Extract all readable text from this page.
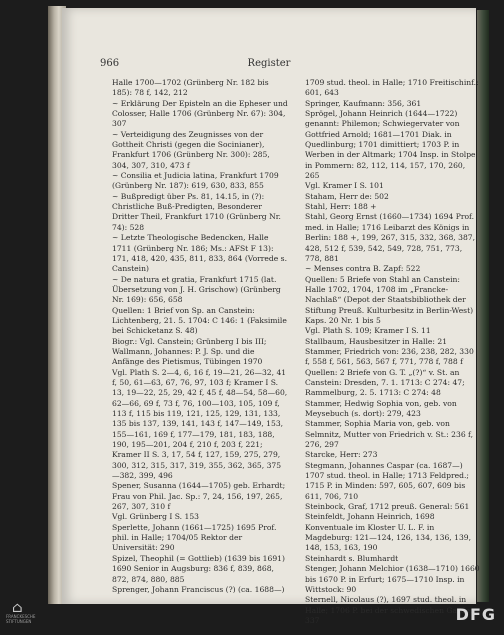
966	Register

Halle 1700—1702 (Grünberg Nr. 182 bis 185): 78 f, 142, 212

~ Erklärung Der Episteln an die Epheser und Colosser, Halle 1706 (Grünberg Nr. 67): 304, 307

~ Verteidigung des Zeugnisses von der Gottheit Christi (gegen die Socinianer), Frankfurt 1706 (Grünberg Nr. 300): 285, 304, 307, 310, 473 f

~ Consilia et Judicia latina, Frankfurt 1709 (Grünberg Nr. 187): 619, 630, 833, 855

~ Bußpredigt über Ps. 81, 14.15, in (?): Christliche Buß-Predigten, Besonderer Dritter Theil, Frankfurt 1710 (Grünberg Nr. 74): 528

~ Letzte Theologische Bedencken, Halle 1711 (Grünberg Nr. 186; Ms.: AFSt F 13): 171, 418, 420, 435, 811, 833, 864 (Vorrede s. Canstein)

~ De natura et gratia, Frankfurt 1715 (lat. Übersetzung von J. H. Grischow) (Grünberg Nr. 169): 656, 658

Quellen: 1 Brief von Sp. an Canstein: Lichtenberg, 21. 5. 1704: C 146: 1 (Faksimile bei Schicketanz S. 48)

Biogr.: Vgl. Canstein; Grünberg I bis III; Wallmann, Johannes: P. J. Sp. und die Anfänge des Pietismus, Tübingen 1970

Vgl. Plath S. 2—4, 6, 16 f, 19—21, 26—32, 41 f, 50, 61—63, 67, 76, 97, 103 f; Kramer I S. 13, 19—22, 25, 29, 42 f, 45 f, 48—54, 58—60, 62—66, 69 f, 73 f, 76, 100—103, 105, 109 f, 113 f, 115 bis 119, 121, 125, 129, 131, 133, 135 bis 137, 139, 141, 143 f, 147—149, 153, 155—161, 169 f, 177—179, 181, 183, 188, 190, 195—201, 204 f, 210 f, 203 f, 221; Kramer II S. 3, 17, 54 f, 127, 159, 275, 279, 300, 312, 315, 317, 319, 355, 362, 365, 375—382, 399, 496

Spener, Susanna (1644—1705) geb. Erhardt; Frau von Phil. Jac. Sp.: 7, 24, 156, 197, 265, 267, 307, 310 f

Vgl. Grünberg I S. 153

Sperlette, Johann (1661—1725) 1695 Prof. phil. in Halle; 1704/05 Rektor der Universität: 290

Spizel, Theophil (= Gottlieb) (1639 bis 1691) 1690 Senior in Augsburg: 836 f, 839, 868, 872, 874, 880, 885

Sprenger, Johann Franciscus (?) (ca. 1688—)

1709 stud. theol. in Halle; 1710 Freitischinf.: 601, 643

Springer, Kaufmann: 356, 361

Sprögel, Johann Heinrich (1644—1722) genannt: Philemon; Schwiegervater von Gottfried Arnold; 1681—1701 Diak. in Quedlinburg; 1701 dimittiert; 1703 P. in Werben in der Altmark; 1704 Insp. in Stolpe in Pommern: 82, 112, 114, 157, 170, 260, 265

Vgl. Kramer I S. 101

Staham, Herr de: 502

Stahl, Herr: 188 +

Stahl, Georg Ernst (1660—1734) 1694 Prof. med. in Halle; 1716 Leibarzt des Königs in Berlin: 188 +, 199, 267, 315, 332, 368, 387, 428, 512 f, 539, 542, 549, 728, 751, 773, 778, 881

~ Menses contra B. Zapf: 522

Quellen: 5 Briefe von Stahl an Canstein: Halle 1702, 1704, 1708 im „Francke-Nachlaß“ (Depot der Staatsbibliothek der Stiftung Preuß. Kulturbesitz in Berlin-West) Kaps. 20 Nr. 1 bis 5

Vgl. Plath S. 109; Kramer I S. 11

Stallbaum, Hausbesitzer in Halle: 21

Stammer, Friedrich von: 236, 238, 282, 330 f, 558 f, 561, 563, 567 f, 771, 778 f, 788 f

Quellen: 2 Briefe von G. T. „(?)“ v. St. an Canstein: Dresden, 7. 1. 1713: C 274: 47; Rammelburg, 2. 5. 1713: C 274: 48

Stammer, Hedwig Sophia von, geb. von Meysebuch (s. dort): 279, 423

Stammer, Sophia Maria von, geb. von Selmnitz, Mutter von Friedrich v. St.: 236 f, 276, 297

Starcke, Herr: 273

Stegmann, Johannes Caspar (ca. 1687—) 1707 stud. theol. in Halle; 1713 Feldpred.; 1715 P. in Minden: 597, 605, 607, 609 bis 611, 706, 710

Steinbock, Graf, 1712 preuß. General: 561

Steinfeldt, Johann Heinrich, 1698 Konventuale im Kloster U. L. F. in Magdeburg: 121—124, 126, 134, 136, 139, 148, 153, 163, 190

Steinhardt s. Blumhardt

Stenger, Johann Melchior (1638—1710) 1660 bis 1670 P. in Erfurt; 1675—1710 Insp. in Wittstock: 90

Sternell, Nicolaus (?), 1697 stud. theol. in Halle; 1706 P. bei der schwedischen Garde: 337

⌂
FRANCKESCHE STIFTUNGEN	DFG
